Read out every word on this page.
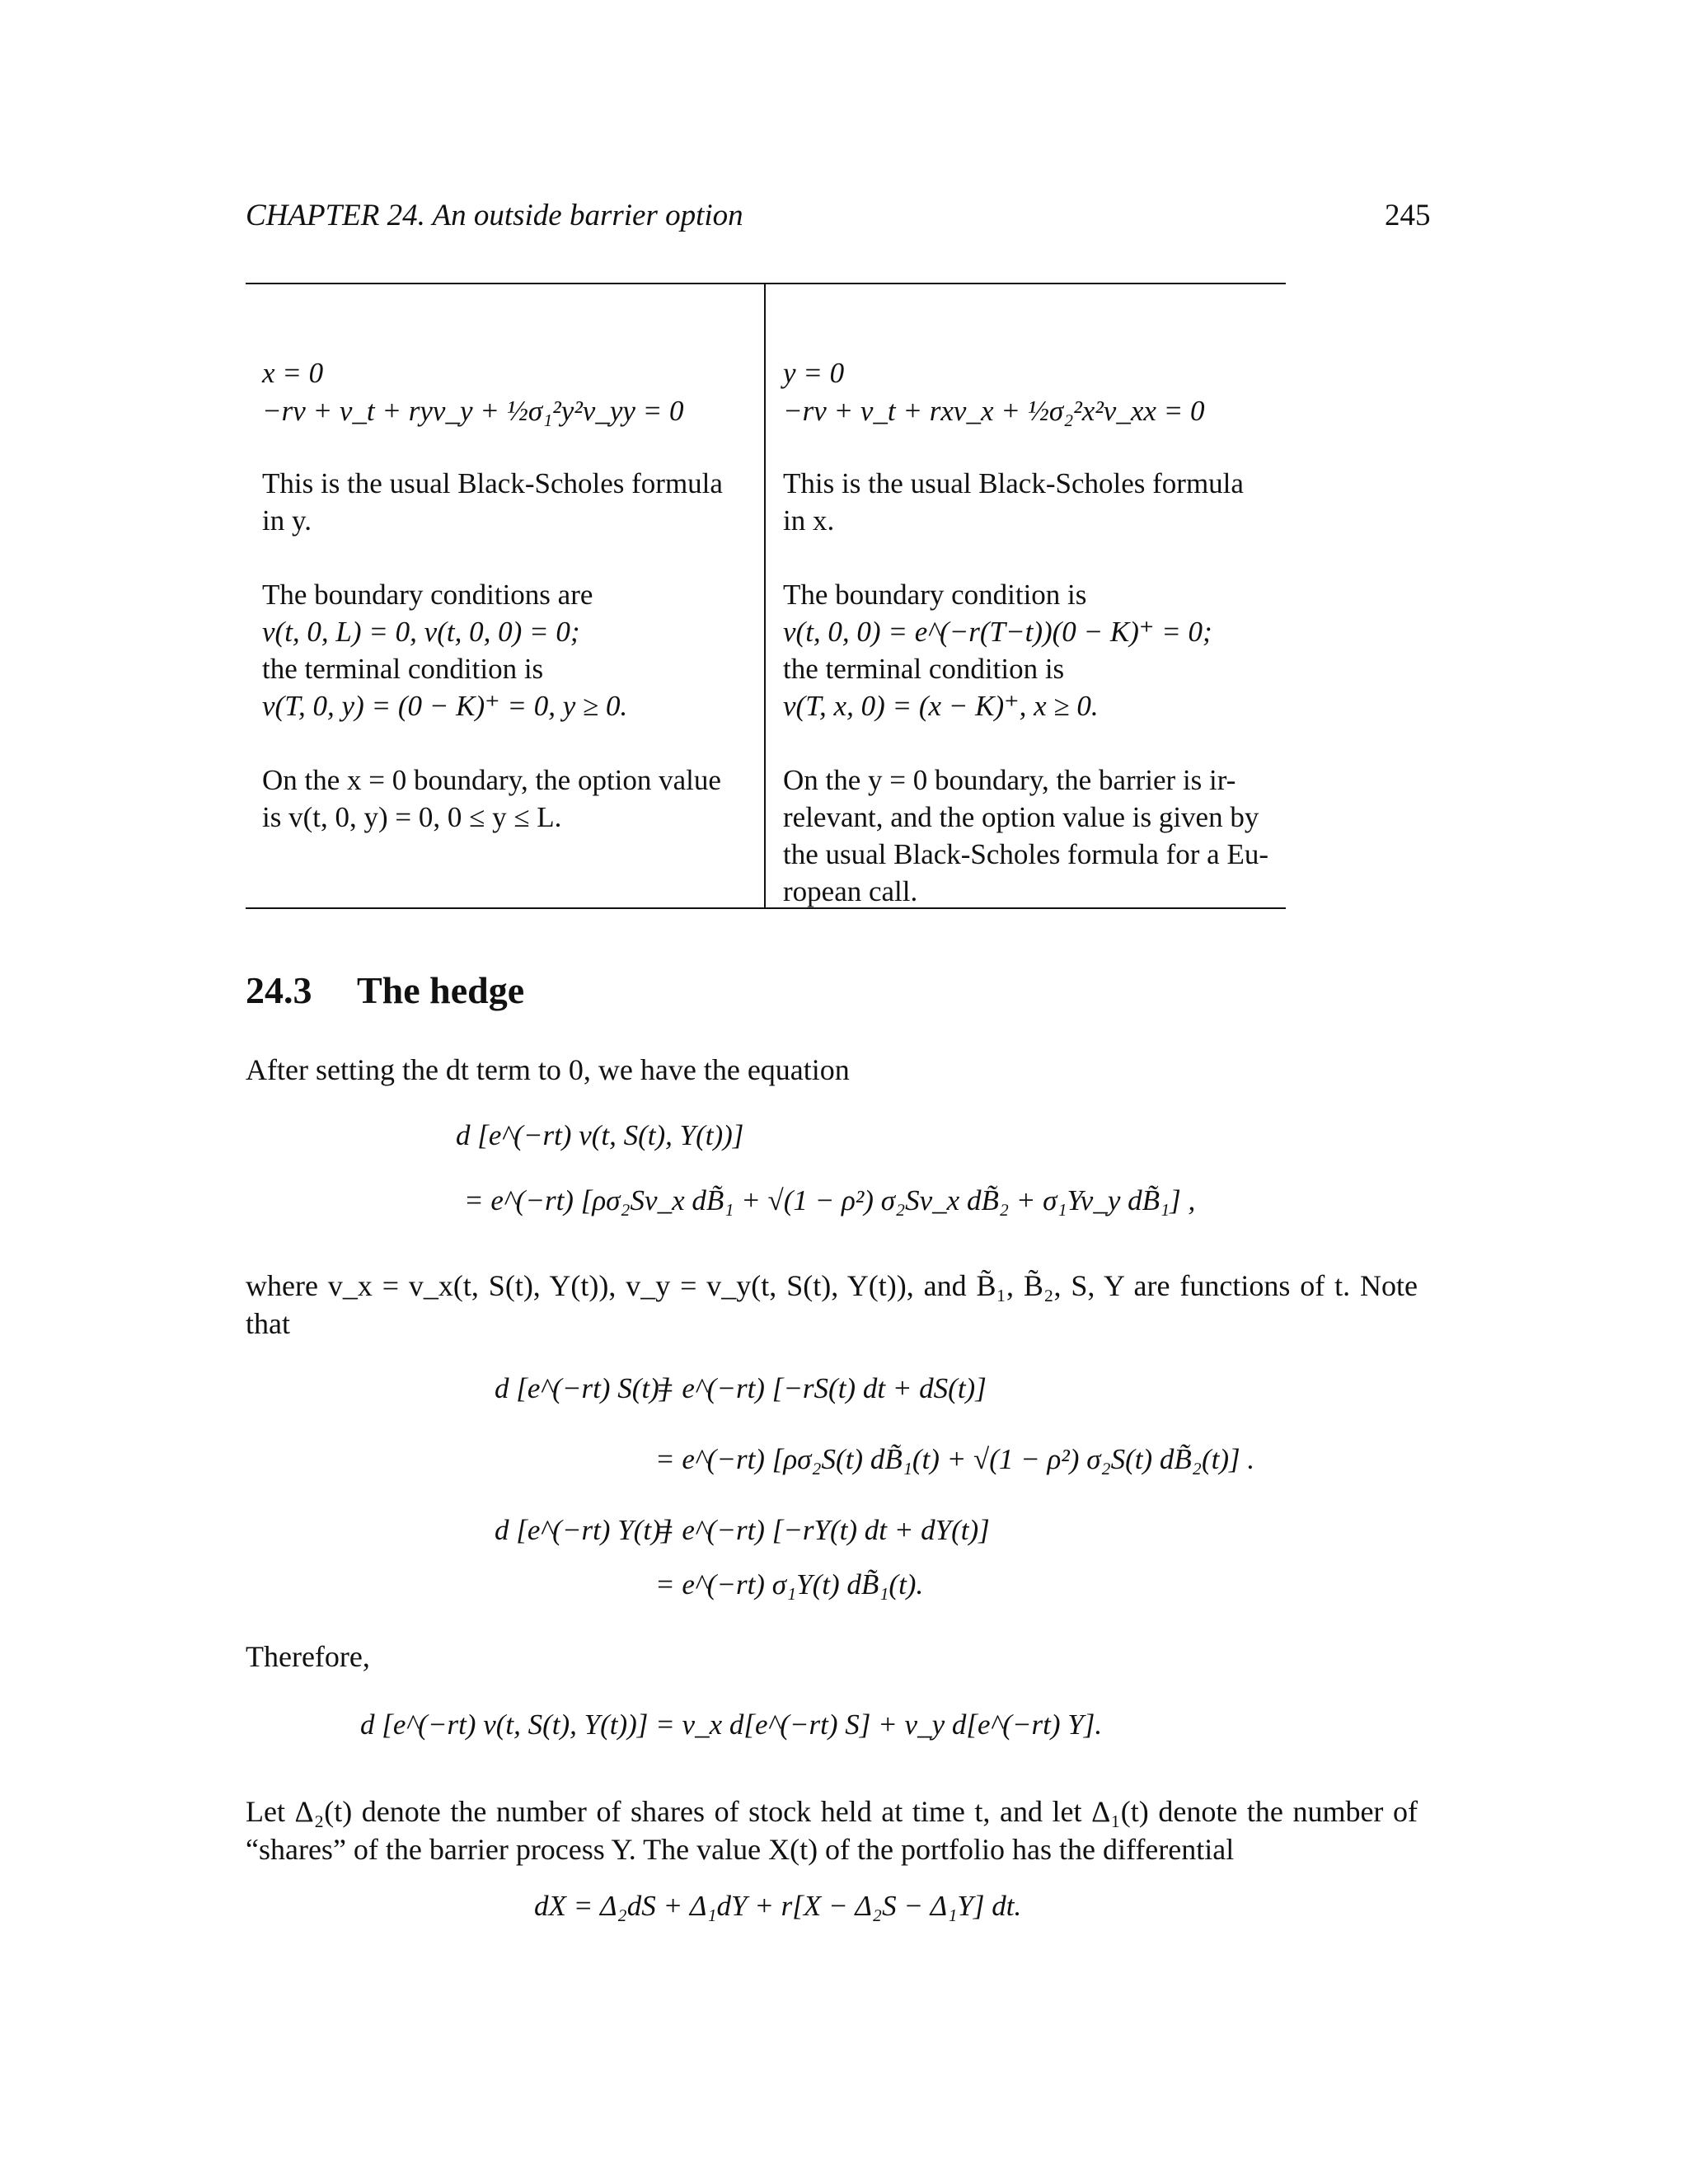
CHAPTER 24. An outside barrier option	245
x = 0
−rv + v_t + ryv_y + ½σ₁²y²v_yy = 0
This is the usual Black-Scholes formula
in y.
The boundary conditions are
v(t, 0, L) = 0, v(t, 0, 0) = 0;
the terminal condition is
v(T, 0, y) = (0 − K)⁺ = 0, y ≥ 0.
On the x = 0 boundary, the option value
is v(t, 0, y) = 0, 0 ≤ y ≤ L.
y = 0
−rv + v_t + rxv_x + ½σ₂²x²v_xx = 0
This is the usual Black-Scholes formula
in x.
The boundary condition is
v(t, 0, 0) = e^(−r(T−t))(0 − K)⁺ = 0;
the terminal condition is
v(T, x, 0) = (x − K)⁺, x ≥ 0.
On the y = 0 boundary, the barrier is ir-
relevant, and the option value is given by
the usual Black-Scholes formula for a Eu-
ropean call.
24.3 The hedge
After setting the dt term to 0, we have the equation
d [e^(−rt) v(t, S(t), Y(t))]
= e^(−rt) [ρσ₂Sv_x dB̃₁ + √(1 − ρ²) σ₂Sv_x dB̃₂ + σ₁Yv_y dB̃₁] ,
where v_x = v_x(t, S(t), Y(t)), v_y = v_y(t, S(t), Y(t)), and B̃₁, B̃₂, S, Y are functions of t. Note
that
d [e^(−rt) S(t)]
= e^(−rt) [−rS(t) dt + dS(t)]
= e^(−rt) [ρσ₂S(t) dB̃₁(t) + √(1 − ρ²) σ₂S(t) dB̃₂(t)] .
d [e^(−rt) Y(t)]
= e^(−rt) [−rY(t) dt + dY(t)]
= e^(−rt) σ₁Y(t) dB̃₁(t).
Therefore,
d [e^(−rt) v(t, S(t), Y(t))] = v_x d[e^(−rt) S] + v_y d[e^(−rt) Y].
Let Δ₂(t) denote the number of shares of stock held at time t, and let Δ₁(t) denote the number of
“shares” of the barrier process Y. The value X(t) of the portfolio has the differential
dX = Δ₂dS + Δ₁dY + r[X − Δ₂S − Δ₁Y] dt.
